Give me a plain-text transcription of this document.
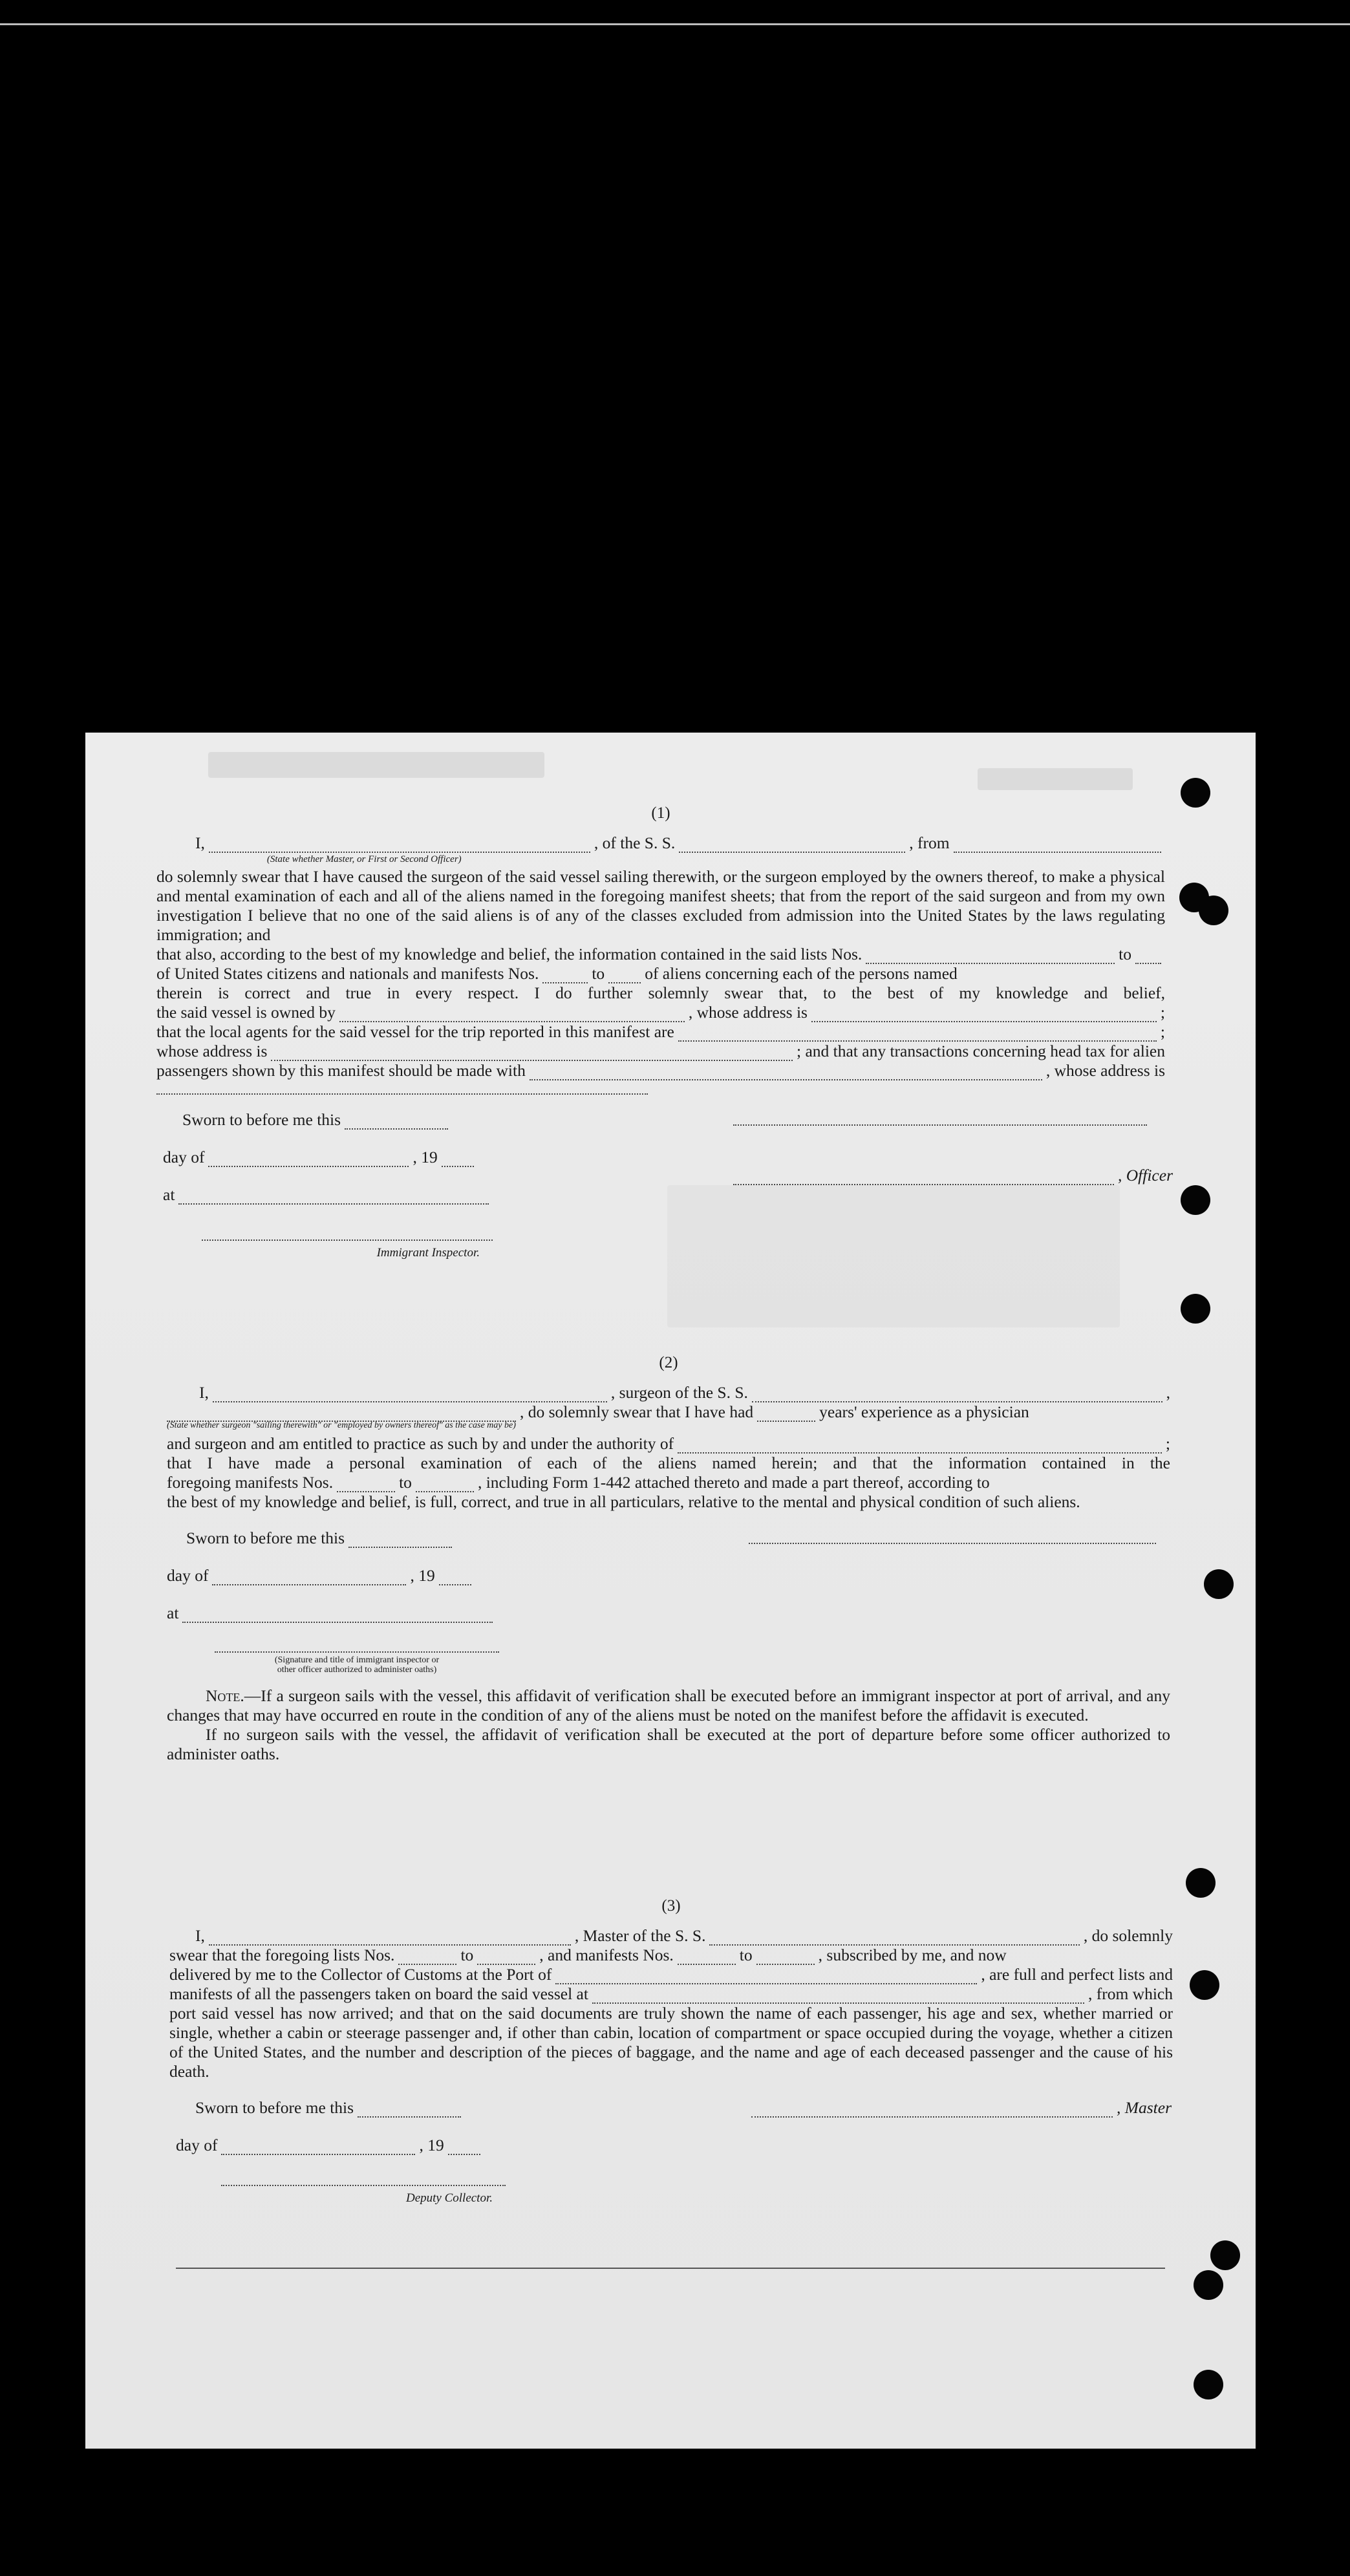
(1)
I,
(State whether Master, or First or Second Officer)
, of the S. S.	, from
do solemnly swear that I have caused the surgeon of the said vessel sailing therewith, or the surgeon employed by the owners thereof, to make a physical and mental examination of each and all of the aliens named in the foregoing manifest sheets; that from the report of the said surgeon and from my own investigation I believe that no one of the said aliens is of any of the classes excluded from admission into the United States by the laws regulating immigration; and
that also, according to the best of my knowledge and belief, the information contained in the said lists Nos.	to
of United States citizens and nationals and manifests Nos.	to of aliens concerning each of the persons named
therein is correct and true in every respect. I do further solemnly swear that, to the best of my knowledge and belief,
the said vessel is owned by	, whose address is	;
that the local agents for the said vessel for the trip reported in this manifest are	;
whose address is	; and that any transactions concerning head tax for alien
passengers shown by this manifest should be made with	, whose address is
Sworn to before me this
day of	, 19
at
Immigrant Inspector.
, Officer
(2)
I,	, surgeon of the S. S.	,
, do solemnly swear that I have had	years' experience as a physician
(State whether surgeon "sailing therewith" or "employed by owners thereof" as the case may be)
and surgeon and am entitled to practice as such by and under the authority of	;
that I have made a personal examination of each of the aliens named herein; and that the information contained in the
foregoing manifests Nos.	to	, including Form 1-442 attached thereto and made a part thereof, according to
the best of my knowledge and belief, is full, correct, and true in all particulars, relative to the mental and physical condition of such aliens.
Sworn to before me this
day of	, 19
at
(Signature and title of immigrant inspector or
other officer authorized to administer oaths)
Note.—If a surgeon sails with the vessel, this affidavit of verification shall be executed before an immigrant inspector at port of arrival, and any changes that may have occurred en route in the condition of any of the aliens must be noted on the manifest before the affidavit is executed.
If no surgeon sails with the vessel, the affidavit of verification shall be executed at the port of departure before some officer authorized to administer oaths.
(3)
I,	, Master of the S. S.	, do solemnly
swear that the foregoing lists Nos.	to	, and manifests Nos.	to	, subscribed by me, and now
delivered by me to the Collector of Customs at the Port of	, are full and perfect lists and
manifests of all the passengers taken on board the said vessel at	, from which
port said vessel has now arrived; and that on the said documents are truly shown the name of each passenger, his age and sex, whether married or single, whether a cabin or steerage passenger and, if other than cabin, location of compartment or space occupied during the voyage, whether a citizen of the United States, and the number and description of the pieces of baggage, and the name and age of each deceased passenger and the cause of his death.
Sworn to before me this	, Master
day of	, 19
Deputy Collector.
